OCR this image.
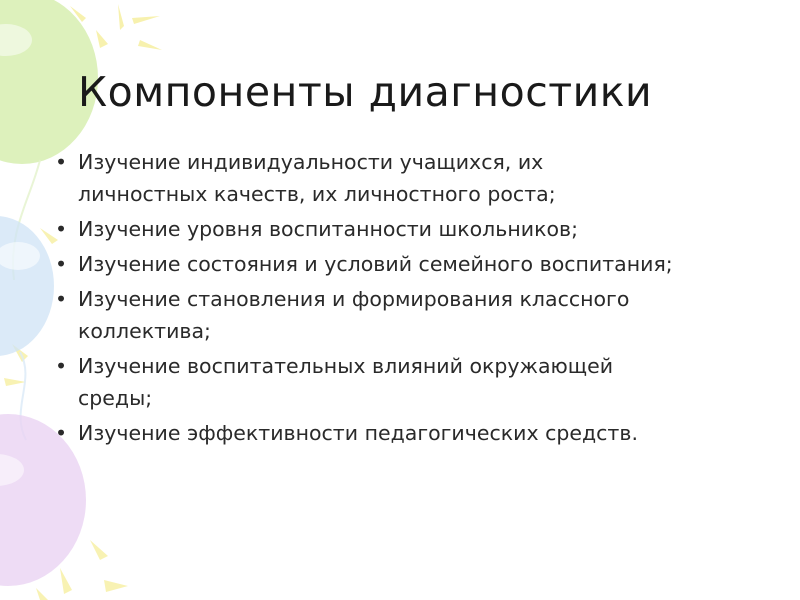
Компоненты диагностики
• Изучение индивидуальности учащихся, их
личностных качеств, их личностного роста;
• Изучение уровня воспитанности школьников;
• Изучение состояния и условий семейного воспитания;
• Изучение становления и формирования классного
коллектива;
• Изучение воспитательных влияний окружающей
среды;
• Изучение эффективности педагогических средств.
